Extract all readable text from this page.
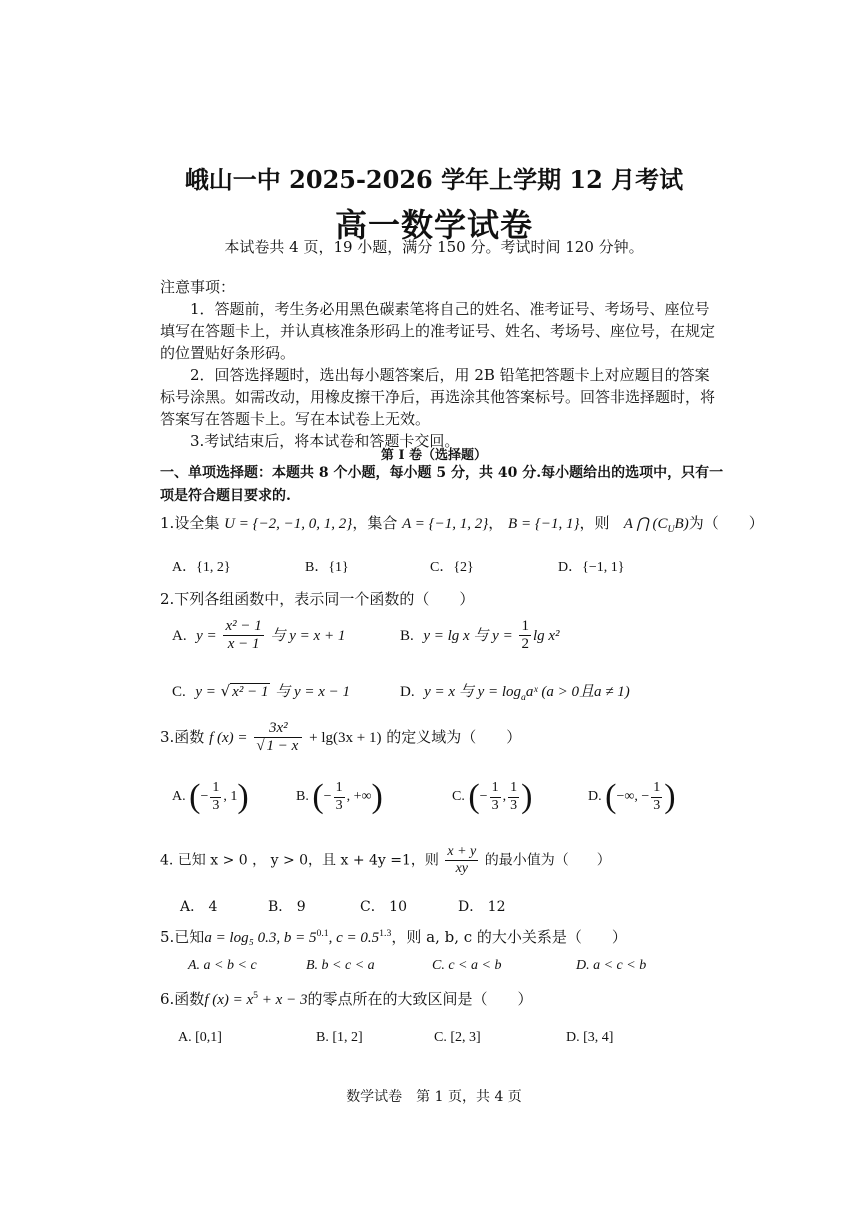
峨山一中 2025-2026 学年上学期 12 月考试
高一数学试卷
本试卷共 4 页，19 小题，满分 150 分。考试时间 120 分钟。
注意事项：

1．答题前，考生务必用黑色碳素笔将自己的姓名、准考证号、考场号、座位号填写在答题卡上，并认真核准条形码上的准考证号、姓名、考场号、座位号，在规定的位置贴好条形码。

2．回答选择题时，选出每小题答案后，用 2B 铅笔把答题卡上对应题目的答案标号涂黑。如需改动，用橡皮擦干净后，再选涂其他答案标号。回答非选择题时，将答案写在答题卡上。写在本试卷上无效。

3.考试结束后，将本试卷和答题卡交回。

第 I 卷（选择题）
一、单项选择题：本题共 8 个小题，每小题 5 分，共 40 分.每小题给出的选项中，只有一项是符合题目要求的.
1.设全集 U = {−2, −1, 0, 1, 2}，集合 A = {−1, 1, 2}， B = {−1, 1}，则 A ⋂ $(C_UB)$为（　　）
A．{1, 2}	B．{1}	C．{2}	D．{−1, 1}
2.下列各组函数中，表示同一个函数的（　　）
A. $y = \frac{\text{x² − 1}}{x - 1}$ 与 y = x + 1	B. y = lg x 与 $y = \frac{1}{2}$ lg x²
C. y = √ x² − 1 与 y = x − 1	D. y = x 与 $y = \log_aaˣ$ (a > 0且a ≠ 1)
3.函数 f $(x) = \frac{\text{3x²}}{√ 1 - x} + \lg(3x + 1)$ 的定义域为（　　）
A. (− $\frac{1}{3}$ , 1)	B. (− $\frac{1}{3}$ , +∞)	C. (− $\frac{1}{3}$ , $\frac{1}{3}$ )	D. (−∞, − $\frac{1}{3}$ )
4. 已知 x > 0 ， y > 0，且 x + 4y =1，则 $\frac{x + y}{xy}$ 的最小值为（　　）
A． 4	B． 9	C． 10	D． 12
5.已知a = log₅ 0.3, $b = 5^{0.1}$, $c = 0.5^{1.3}$，则 a, b, c 的大小关系是（　　）
A. a < b < c	B. b < c < a	C. c < a < b	D. a < c < b
6.函数f $(x) = x^5 + x - 3$的零点所在的大致区间是（　　）
A. [0,1]	B. [1, 2]	C. [2, 3]	D. [3, 4]
数学试卷　第 1 页，共 4 页
